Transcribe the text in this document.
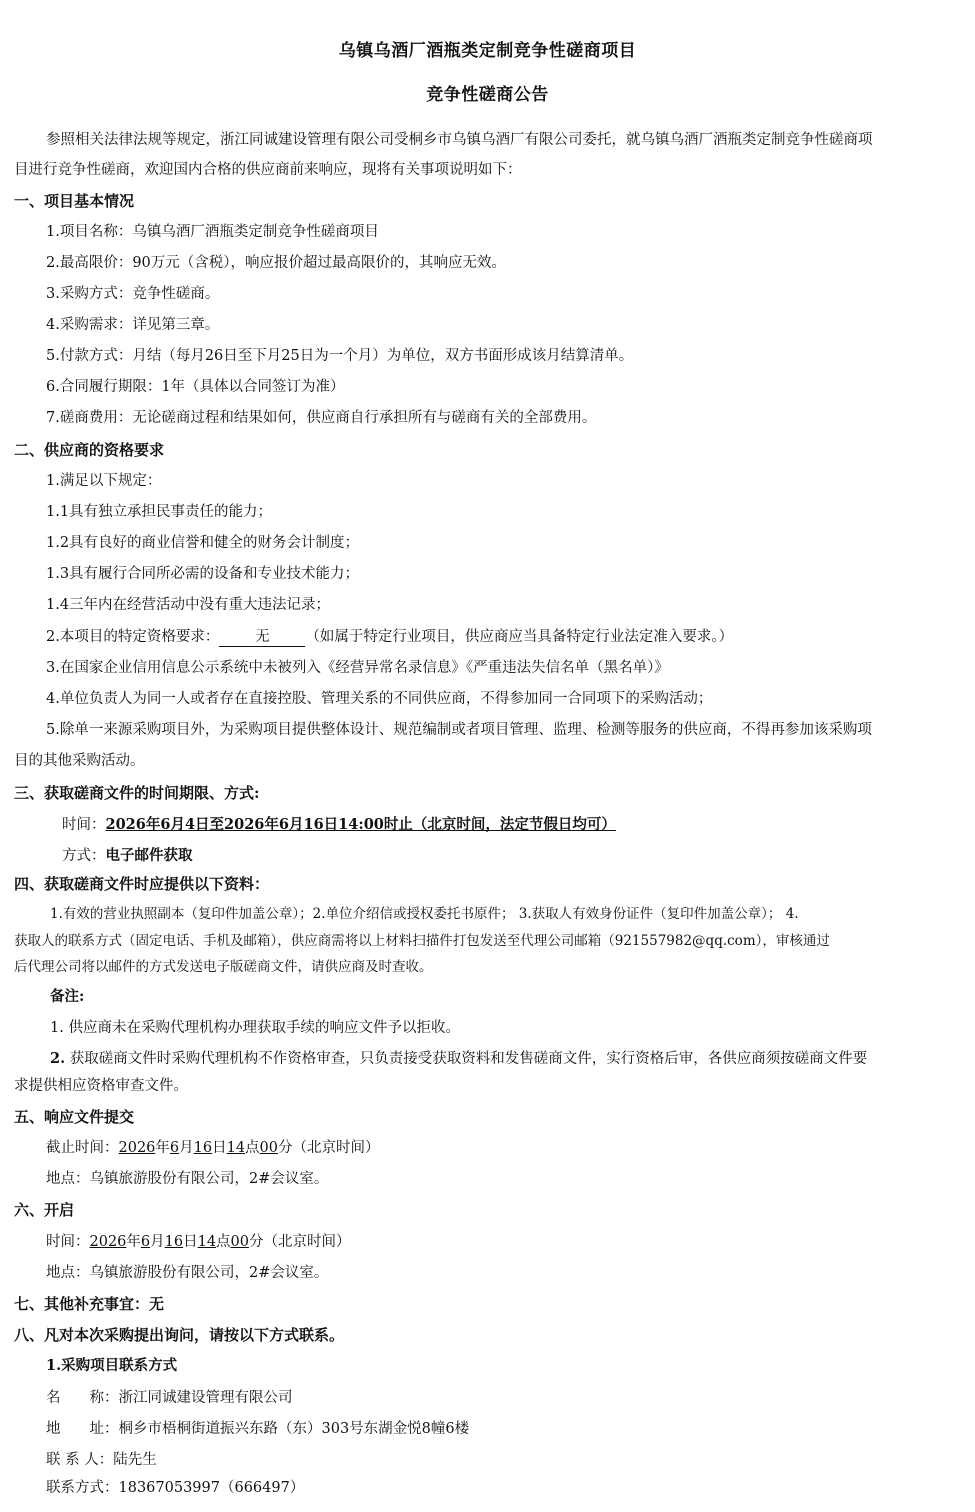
乌镇乌酒厂酒瓶类定制竞争性磋商项目
竞争性磋商公告
参照相关法律法规等规定，浙江同诚建设管理有限公司受桐乡市乌镇乌酒厂有限公司委托，就乌镇乌酒厂酒瓶类定制竞争性磋商项
目进行竞争性磋商，欢迎国内合格的供应商前来响应，现将有关事项说明如下：
一、项目基本情况
1.项目名称：乌镇乌酒厂酒瓶类定制竞争性磋商项目
2.最高限价：90万元（含税），响应报价超过最高限价的，其响应无效。
3.采购方式：竞争性磋商。
4.采购需求：详见第三章。
5.付款方式：月结（每月26日至下月25日为一个月）为单位，双方书面形成该月结算清单。
6.合同履行期限：1年（具体以合同签订为准）
7.磋商费用：无论磋商过程和结果如何，供应商自行承担所有与磋商有关的全部费用。
二、供应商的资格要求
1.满足以下规定：
1.1具有独立承担民事责任的能力；
1.2具有良好的商业信誉和健全的财务会计制度；
1.3具有履行合同所必需的设备和专业技术能力；
1.4三年内在经营活动中没有重大违法记录；
2.本项目的特定资格要求： 无 （如属于特定行业项目，供应商应当具备特定行业法定准入要求。）
3.在国家企业信用信息公示系统中未被列入《经营异常名录信息》《严重违法失信名单（黑名单）》
4.单位负责人为同一人或者存在直接控股、管理关系的不同供应商，不得参加同一合同项下的采购活动；
5.除单一来源采购项目外，为采购项目提供整体设计、规范编制或者项目管理、监理、检测等服务的供应商，不得再参加该采购项
目的其他采购活动。
三、获取磋商文件的时间期限、方式:
时间：2026年6月4日至2026年6月16日14:00时止（北京时间，法定节假日均可）
方式：电子邮件获取
四、获取磋商文件时应提供以下资料：
1.有效的营业执照副本（复印件加盖公章）；2.单位介绍信或授权委托书原件； 3.获取人有效身份证件（复印件加盖公章）； 4.
获取人的联系方式（固定电话、手机及邮箱），供应商需将以上材料扫描件打包发送至代理公司邮箱（921557982@qq.com），审核通过
后代理公司将以邮件的方式发送电子版磋商文件，请供应商及时查收。
备注:
1. 供应商未在采购代理机构办理获取手续的响应文件予以拒收。
2. 获取磋商文件时采购代理机构不作资格审查，只负责接受获取资料和发售磋商文件，实行资格后审，各供应商须按磋商文件要
求提供相应资格审查文件。
五、响应文件提交
截止时间：2026年6月16日14点00分（北京时间）
地点：乌镇旅游股份有限公司，2#会议室。
六、开启
时间：2026年6月16日14点00分（北京时间）
地点：乌镇旅游股份有限公司，2#会议室。
七、其他补充事宜：无
八、凡对本次采购提出询问，请按以下方式联系。
1.采购项目联系方式
名　　称：浙江同诚建设管理有限公司
地　　址：桐乡市梧桐街道振兴东路（东）303号东湖金悦8幢6楼
联 系 人：陆先生
联系方式：18367053997（666497）
